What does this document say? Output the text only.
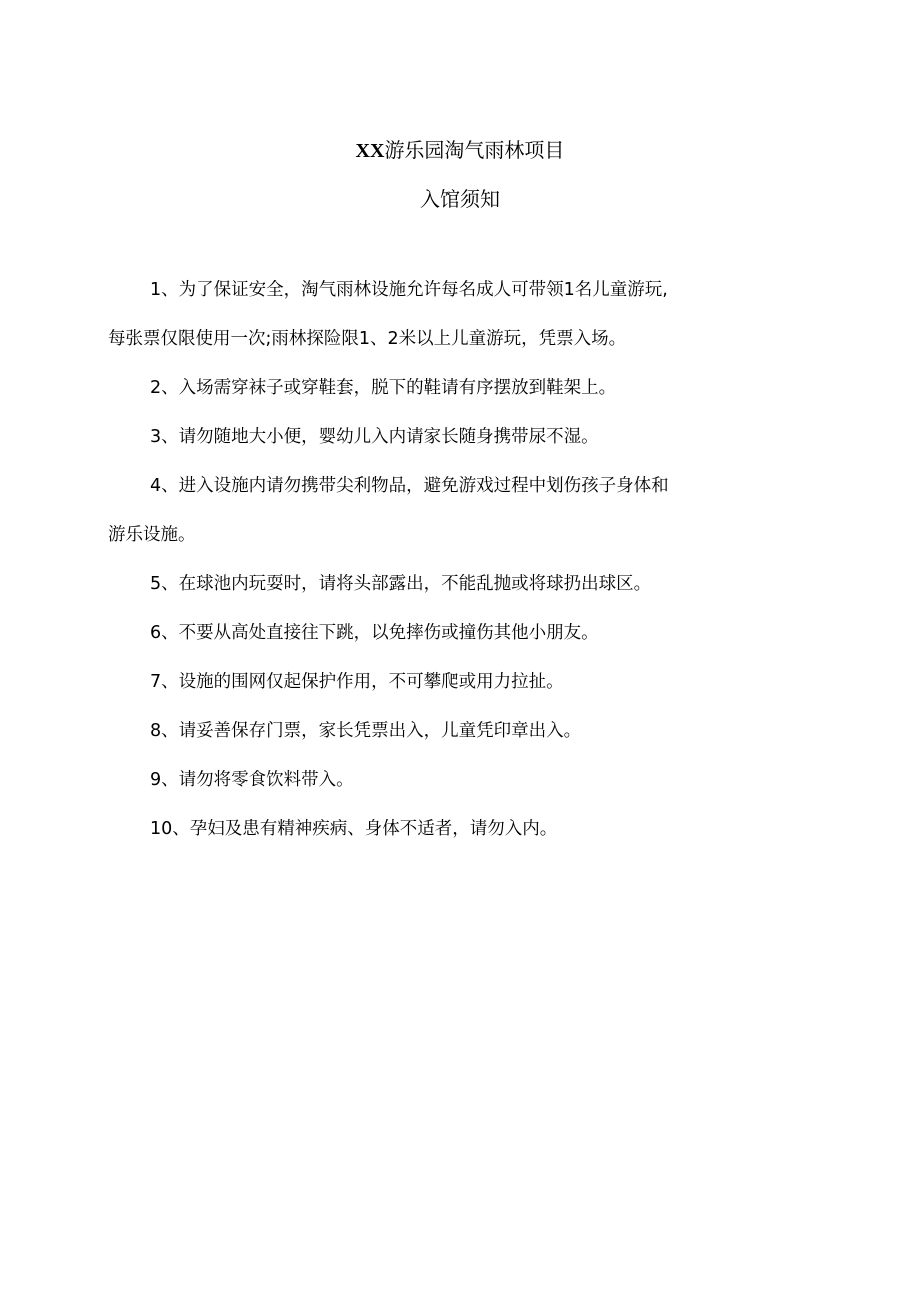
XX游乐园淘气雨林项目
入馆须知

1、为了保证安全，淘气雨林设施允许每名成人可带领1名儿童游玩,
每张票仅限使用一次;雨林探险限1、2米以上儿童游玩，凭票入场。

2、入场需穿袜子或穿鞋套，脱下的鞋请有序摆放到鞋架上。

3、请勿随地大小便，婴幼儿入内请家长随身携带尿不湿。

4、进入设施内请勿携带尖利物品，避免游戏过程中划伤孩子身体和
游乐设施。

5、在球池内玩耍时，请将头部露出，不能乱抛或将球扔出球区。

6、不要从高处直接往下跳，以免摔伤或撞伤其他小朋友。

7、设施的围网仅起保护作用，不可攀爬或用力拉扯。

8、请妥善保存门票，家长凭票出入，儿童凭印章出入。

9、请勿将零食饮料带入。

10、孕妇及患有精神疾病、身体不适者，请勿入内。
